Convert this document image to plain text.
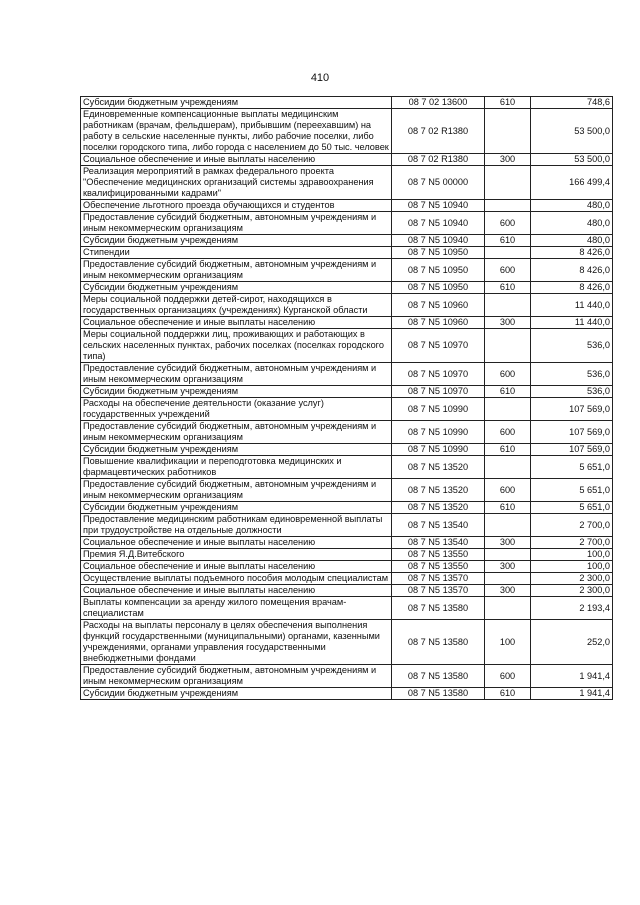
410
Субсидии бюджетным учреждениям	08 7 02 13600	610	748,6
Единовременные компенсационные выплаты медицинским работникам (врачам, фельдшерам), прибывшим (переехавшим) на работу в сельские населенные пункты, либо рабочие поселки, либо поселки городского типа, либо города с населением до 50 тыс. человек	08 7 02 R1380		53 500,0
Социальное обеспечение и иные выплаты населению	08 7 02 R1380	300	53 500,0
Реализация мероприятий в рамках федерального проекта "Обеспечение медицинских организаций системы здравоохранения квалифицированными кадрами"	08 7 N5 00000		166 499,4
Обеспечение льготного проезда обучающихся и студентов	08 7 N5 10940		480,0
Предоставление субсидий бюджетным, автономным учреждениям и иным некоммерческим организациям	08 7 N5 10940	600	480,0
Субсидии бюджетным учреждениям	08 7 N5 10940	610	480,0
Стипендии	08 7 N5 10950		8 426,0
Предоставление субсидий бюджетным, автономным учреждениям и иным некоммерческим организациям	08 7 N5 10950	600	8 426,0
Субсидии бюджетным учреждениям	08 7 N5 10950	610	8 426,0
Меры социальной поддержки детей-сирот, находящихся в государственных организациях (учреждениях) Курганской области	08 7 N5 10960		11 440,0
Социальное обеспечение и иные выплаты населению	08 7 N5 10960	300	11 440,0
Меры социальной поддержки лиц, проживающих и работающих в сельских населенных пунктах, рабочих поселках (поселках городского типа)	08 7 N5 10970		536,0
Предоставление субсидий бюджетным, автономным учреждениям и иным некоммерческим организациям	08 7 N5 10970	600	536,0
Субсидии бюджетным учреждениям	08 7 N5 10970	610	536,0
Расходы на обеспечение деятельности (оказание услуг) государственных учреждений	08 7 N5 10990		107 569,0
Предоставление субсидий бюджетным, автономным учреждениям и иным некоммерческим организациям	08 7 N5 10990	600	107 569,0
Субсидии бюджетным учреждениям	08 7 N5 10990	610	107 569,0
Повышение квалификации и переподготовка медицинских и фармацевтических работников	08 7 N5 13520		5 651,0
Предоставление субсидий бюджетным, автономным учреждениям и иным некоммерческим организациям	08 7 N5 13520	600	5 651,0
Субсидии бюджетным учреждениям	08 7 N5 13520	610	5 651,0
Предоставление медицинским работникам единовременной выплаты при трудоустройстве на отдельные должности	08 7 N5 13540		2 700,0
Социальное обеспечение и иные выплаты населению	08 7 N5 13540	300	2 700,0
Премия Я.Д.Витебского	08 7 N5 13550		100,0
Социальное обеспечение и иные выплаты населению	08 7 N5 13550	300	100,0
Осуществление выплаты подъемного пособия молодым специалистам	08 7 N5 13570		2 300,0
Социальное обеспечение и иные выплаты населению	08 7 N5 13570	300	2 300,0
Выплаты компенсации за аренду жилого помещения врачам-специалистам	08 7 N5 13580		2 193,4
Расходы на выплаты персоналу в целях обеспечения выполнения функций государственными (муниципальными) органами, казенными учреждениями, органами управления государственными внебюджетными фондами	08 7 N5 13580	100	252,0
Предоставление субсидий бюджетным, автономным учреждениям и иным некоммерческим организациям	08 7 N5 13580	600	1 941,4
Субсидии бюджетным учреждениям	08 7 N5 13580	610	1 941,4
